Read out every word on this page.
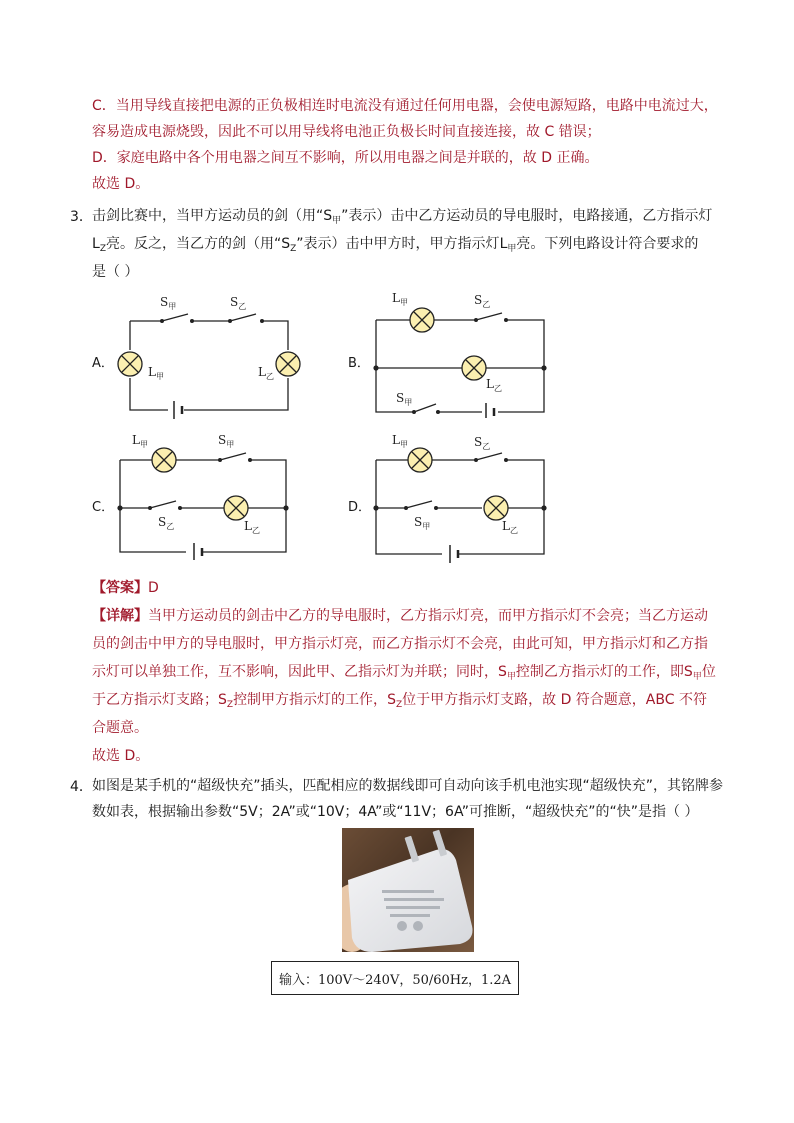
C．当用导线直接把电源的正负极相连时电流没有通过任何用电器，会使电源短路，电路中电流过大，
容易造成电源烧毁，因此不可以用导线将电池正负极长时间直接连接，故 C 错误；
D．家庭电路中各个用电器之间互不影响，所以用电器之间是并联的，故 D 正确。
故选 D。
3． 击剑比赛中，当甲方运动员的剑（用“$S_甲$”表示）击中乙方运动员的导电服时，电路接通，乙方指示灯
$L_Z$亮。反之，当乙方的剑（用“$S_Z$”表示）击中甲方时，甲方指示灯$L_甲$亮。下列电路设计符合要求的
是（ ）
A．	B．
C．	D．
$S_甲$	$S_乙$
$L_甲$	$L_乙$
$L_甲$	$S_乙$
$L_乙$
$S_甲$
$L_甲$	$S_甲$
$S_乙$	$L_乙$
$L_甲$	$S_乙$
$S_甲$	$L_乙$
【答案】D
【详解】当甲方运动员的剑击中乙方的导电服时，乙方指示灯亮，而甲方指示灯不会亮；当乙方运动
员的剑击中甲方的导电服时，甲方指示灯亮，而乙方指示灯不会亮，由此可知，甲方指示灯和乙方指
示灯可以单独工作，互不影响，因此甲、乙指示灯为并联；同时，$S_甲$控制乙方指示灯的工作，即$S_甲$位
于乙方指示灯支路；$S_Z$控制甲方指示灯的工作，$S_Z$位于甲方指示灯支路，故 D 符合题意，ABC 不符
合题意。
故选 D。
4． 如图是某手机的“超级快充”插头，匹配相应的数据线即可自动向该手机电池实现“超级快充”，其铭牌参
数如表，根据输出参数“5V；2A”或“10V；4A”或“11V；6A”可推断，“超级快充”的“快”是指（ ）
输入：100V～240V，50/60Hz，1.2A
